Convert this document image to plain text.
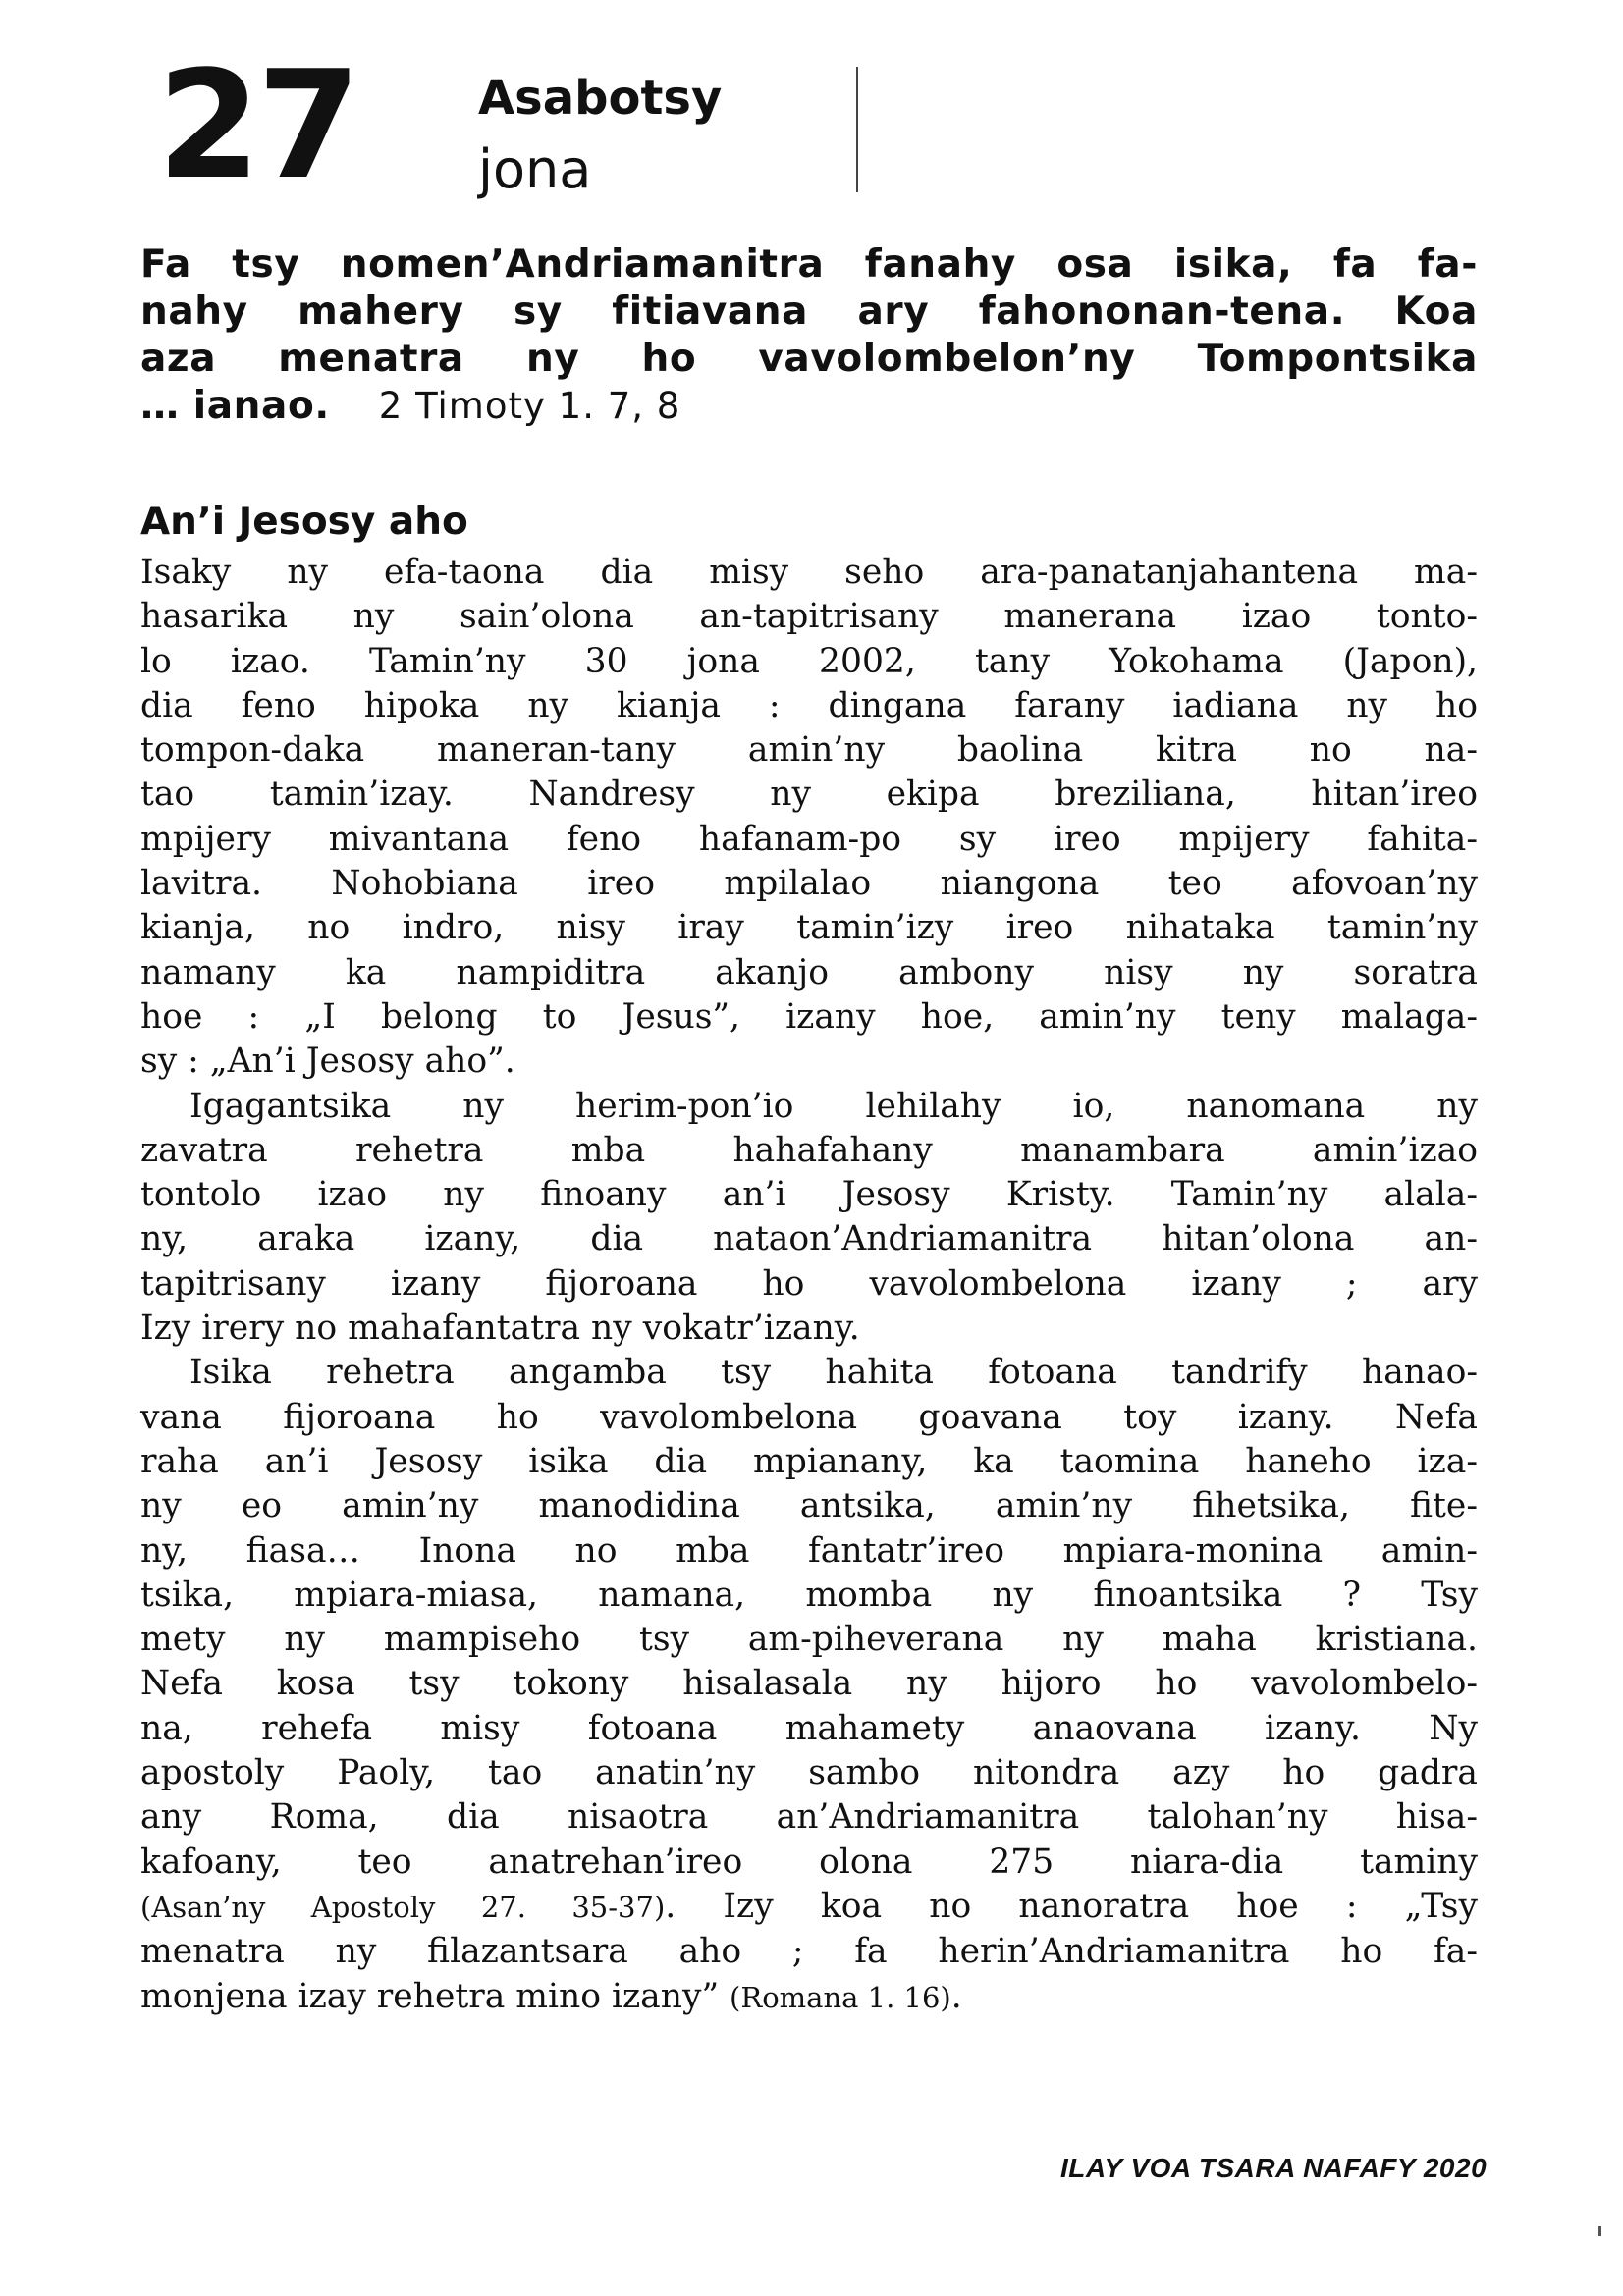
27	Asabotsy
jona
Fa tsy nomen’Andriamanitra fanahy osa isika, fa fa-
nahy mahery sy fitiavana ary fahononan-tena. Koa
aza menatra ny ho vavolombelon’ny Tompontsika
… ianao. 2 Timoty 1. 7, 8
An’i Jesosy aho
Isaky ny efa-taona dia misy seho ara-panatanjahantena ma-
hasarika ny sain’olona an-tapitrisany manerana izao tonto-
lo izao. Tamin’ny 30 jona 2002, tany Yokohama (Japon),
dia feno hipoka ny kianja : dingana farany iadiana ny ho
tompon-daka maneran-tany amin’ny baolina kitra no na-
tao tamin’izay. Nandresy ny ekipa breziliana, hitan’ireo
mpijery mivantana feno hafanam-po sy ireo mpijery fahita-
lavitra. Nohobiana ireo mpilalao niangona teo afovoan’ny
kianja, no indro, nisy iray tamin’izy ireo nihataka tamin’ny
namany ka nampiditra akanjo ambony nisy ny soratra
hoe : „I belong to Jesus”, izany hoe, amin’ny teny malaga-
sy : „An’i Jesosy aho”.
Igagantsika ny herim-pon’io lehilahy io, nanomana ny
zavatra rehetra mba hahafahany manambara amin’izao
tontolo izao ny finoany an’i Jesosy Kristy. Tamin’ny alala-
ny, araka izany, dia nataon’Andriamanitra hitan’olona an-
tapitrisany izany fijoroana ho vavolombelona izany ; ary
Izy irery no mahafantatra ny vokatr’izany.
Isika rehetra angamba tsy hahita fotoana tandrify hanao-
vana fijoroana ho vavolombelona goavana toy izany. Nefa
raha an’i Jesosy isika dia mpianany, ka taomina haneho iza-
ny eo amin’ny manodidina antsika, amin’ny fihetsika, fite-
ny, fiasa… Inona no mba fantatr’ireo mpiara-monina amin-
tsika, mpiara-miasa, namana, momba ny finoantsika ? Tsy
mety ny mampiseho tsy am-piheverana ny maha kristiana.
Nefa kosa tsy tokony hisalasala ny hijoro ho vavolombelo-
na, rehefa misy fotoana mahamety anaovana izany. Ny
apostoly Paoly, tao anatin’ny sambo nitondra azy ho gadra
any Roma, dia nisaotra an’Andriamanitra talohan’ny hisa-
kafoany, teo anatrehan’ireo olona 275 niara-dia taminy
(Asan’ny Apostoly 27. 35-37). Izy koa no nanoratra hoe : „Tsy
menatra ny filazantsara aho ; fa herin’Andriamanitra ho fa-
monjena izay rehetra mino izany” (Romana 1. 16).
ILAY VOA TSARA NAFAFY 2020
